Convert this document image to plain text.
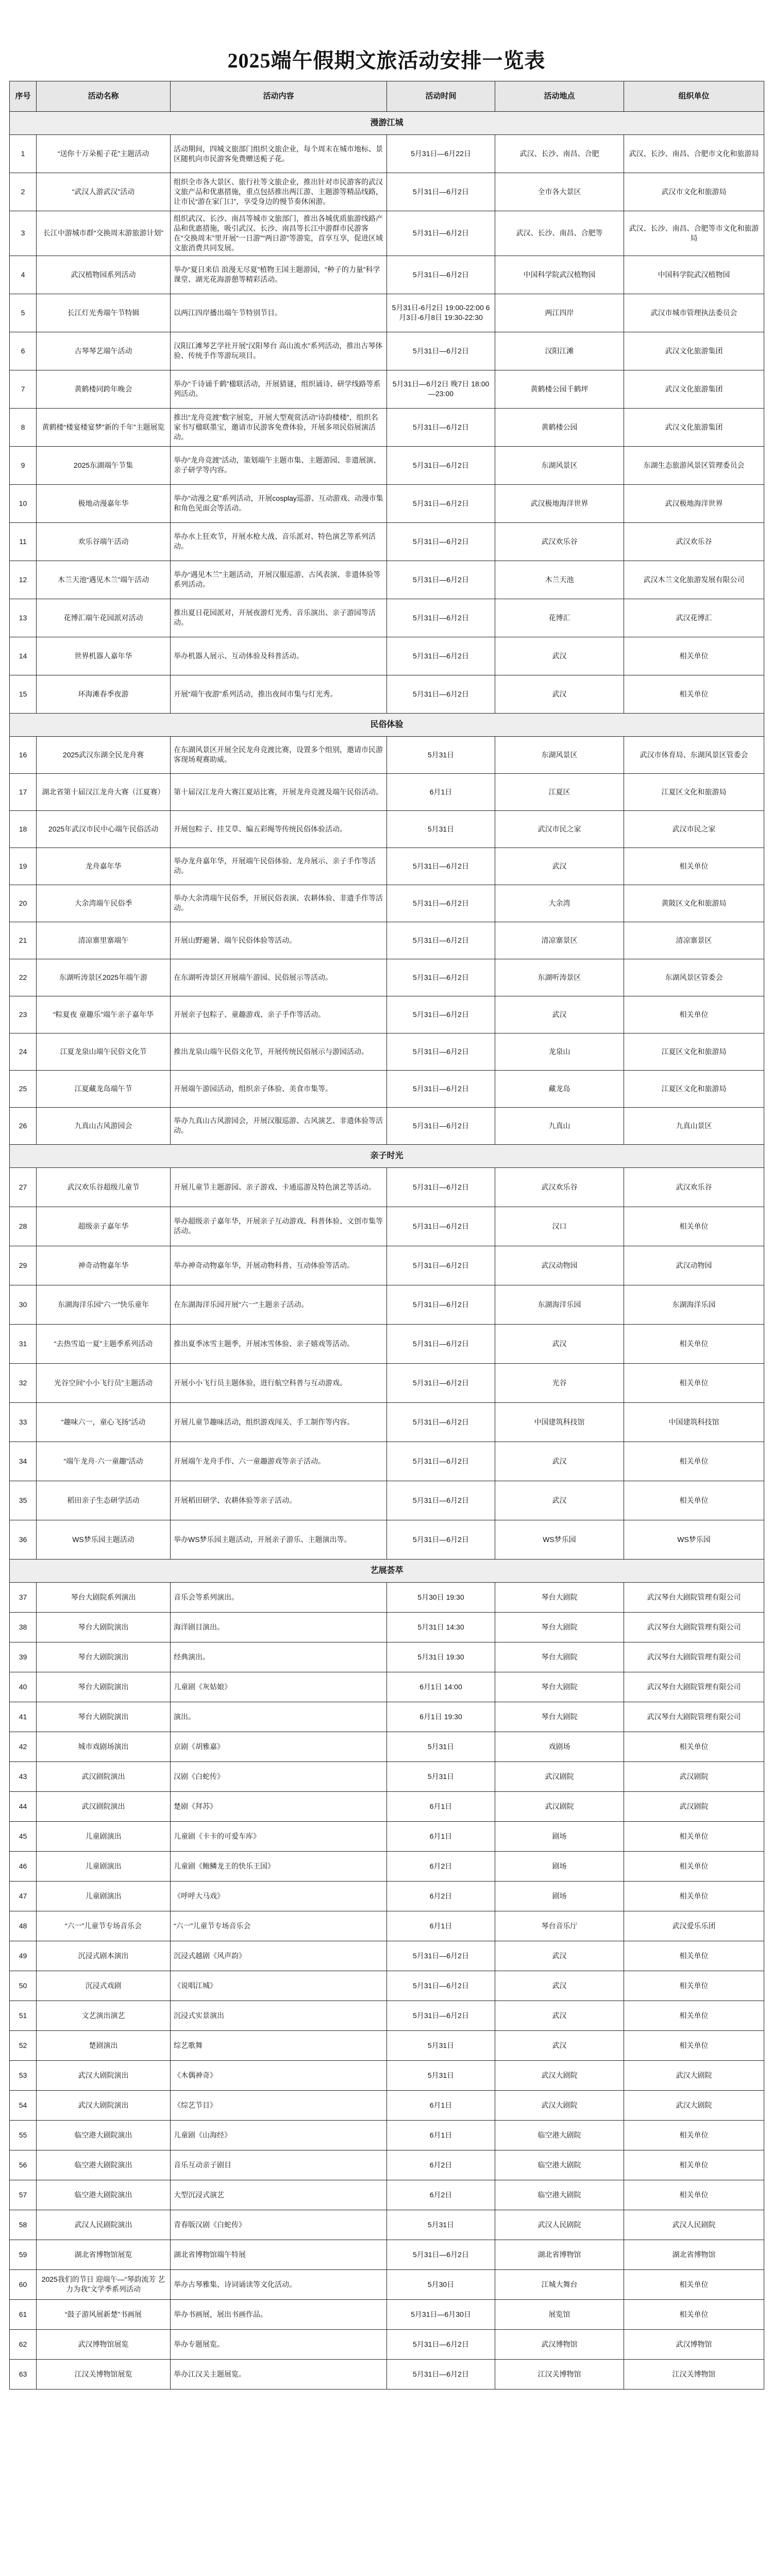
2025端午假期文旅活动安排一览表
序号	活动名称	活动内容	活动时间	活动地点	组织单位
漫游江城					
1	“送你十万朵栀子花”主题活动	活动期间，四城文旅部门组织文旅企业，每个周末在城市地标、景区随机向市民游客免费赠送栀子花。	5月31日—6月22日	武汉、长沙、南昌、合肥	武汉、长沙、南昌、合肥市文化和旅游局
2	“武汉人游武汉”活动	组织全市各大景区、旅行社等文旅企业，推出针对市民游客的武汉文旅产品和优惠措施，重点包括推出两江游、主题游等精品线路，让市民“游在家门口”，享受身边的慢节奏休闲游。	5月31日—6月2日	全市各大景区	武汉市文化和旅游局
3	长江中游城市群“交换周末游旅游计划”	组织武汉、长沙、南昌等城市文旅部门，推出各城优质旅游线路产品和优惠措施，吸引武汉、长沙、南昌等长江中游群市民游客在“交换周末”里开展“一日游”“两日游”等游览，首享互享，促进区域文旅消费共同发展。	5月31日—6月2日	武汉、长沙、南昌、合肥等	武汉、长沙、南昌、合肥等市文化和旅游局
4	武汉植物园系列活动	举办“夏日来信 浪漫无尽夏”植物王国主题游园，“种子的力量”科学课堂、湖光花海游憩等精彩活动。	5月31日—6月2日	中国科学院武汉植物园	中国科学院武汉植物园
5	长江灯光秀端午节特辑	以两江四岸播出端午节特别节目。	5月31日-6月2日 19:00-22:00 6月3日-6月8日 19:30-22:30	两江四岸	武汉市城市管理执法委员会
6	古琴琴艺端午活动	汉阳江滩琴艺学社开展“汉阳琴台 高山流水”系列活动，推出古琴体验、传统手作等游玩项目。	5月31日—6月2日	汉阳江滩	武汉文化旅游集团
7	黄鹤楼同跨年晚会	举办“千诗诵千鹤”楹联活动，开展猜谜，组织诵诗、研学线路等系列活动。	5月31日—6月2日 晚7日 18:00—23:00	黄鹤楼公园千鹤坪	武汉文化旅游集团
8	黄鹤楼“楼宴楼宴梦”新的千年”主题展览	推出“龙舟竞渡”数字展览，开展大型观赏活动“诗韵楼楼”，组织名家书写楹联墨宝，邀请市民游客免费体验，开展多项民俗展演活动。	5月31日—6月2日	黄鹤楼公园	武汉文化旅游集团
9	2025东湖端午节集	举办“龙舟竞渡”活动，策划端午主题市集、主题游园、非遗展演、亲子研学等内容。	5月31日—6月2日	东湖风景区	东湖生态旅游风景区管理委员会
10	极地动漫嘉年华	举办“动漫之夏”系列活动，开展cosplay巡游、互动游戏、动漫市集和角色见面会等活动。	5月31日—6月2日	武汉极地海洋世界	武汉极地海洋世界
11	欢乐谷端午活动	举办水上狂欢节，开展水枪大战、音乐派对、特色演艺等系列活动。	5月31日—6月2日	武汉欢乐谷	武汉欢乐谷
12	木兰天池“遇见木兰”端午活动	举办“遇见木兰”主题活动，开展汉服巡游、古风表演、非遗体验等系列活动。	5月31日—6月2日	木兰天池	武汉木兰文化旅游发展有限公司
13	花博汇端午花园派对活动	推出夏日花园派对，开展夜游灯光秀、音乐演出、亲子游园等活动。	5月31日—6月2日	花博汇	武汉花博汇
14	世界机器人嘉年华	举办机器人展示、互动体验及科普活动。	5月31日—6月2日	武汉	相关单位
15	环海滩春季夜游	开展“端午夜游”系列活动，推出夜间市集与灯光秀。	5月31日—6月2日	武汉	相关单位
民俗体验					
16	2025武汉东湖全民龙舟赛	在东湖风景区开展全民龙舟竞渡比赛，设置多个组别，邀请市民游客现场观赛助威。	5月31日	东湖风景区	武汉市体育局、东湖风景区管委会
17	湖北省第十届汉江龙舟大赛（江夏赛）	第十届汉江龙舟大赛江夏站比赛，开展龙舟竞渡及端午民俗活动。	6月1日	江夏区	江夏区文化和旅游局
18	2025年武汉市民中心端午民俗活动	开展包粽子、挂艾草、编五彩绳等传统民俗体验活动。	5月31日	武汉市民之家	武汉市民之家
19	龙舟嘉年华	举办龙舟嘉年华，开展端午民俗体验、龙舟展示、亲子手作等活动。	5月31日—6月2日	武汉	相关单位
20	大余湾端午民俗季	举办大余湾端午民俗季，开展民俗表演、农耕体验、非遗手作等活动。	5月31日—6月2日	大余湾	黄陂区文化和旅游局
21	清凉寨里寨端午	开展山野避暑、端午民俗体验等活动。	5月31日—6月2日	清凉寨景区	清凉寨景区
22	东湖听涛景区2025年端午游	在东湖听涛景区开展端午游园、民俗展示等活动。	5月31日—6月2日	东湖听涛景区	东湖风景区管委会
23	“粽夏夜 童趣乐”端午亲子嘉年华	开展亲子包粽子、童趣游戏、亲子手作等活动。	5月31日—6月2日	武汉	相关单位
24	江夏龙泉山端午民俗文化节	推出龙泉山端午民俗文化节，开展传统民俗展示与游园活动。	5月31日—6月2日	龙泉山	江夏区文化和旅游局
25	江夏藏龙岛端午节	开展端午游园活动，组织亲子体验、美食市集等。	5月31日—6月2日	藏龙岛	江夏区文化和旅游局
26	九真山古风游园会	举办九真山古风游园会，开展汉服巡游、古风演艺、非遗体验等活动。	5月31日—6月2日	九真山	九真山景区
亲子时光					
27	武汉欢乐谷超级儿童节	开展儿童节主题游园、亲子游戏、卡通巡游及特色演艺等活动。	5月31日—6月2日	武汉欢乐谷	武汉欢乐谷
28	超级亲子嘉年华	举办超级亲子嘉年华，开展亲子互动游戏、科普体验、文创市集等活动。	5月31日—6月2日	汉口	相关单位
29	神奇动物嘉年华	举办神奇动物嘉年华，开展动物科普、互动体验等活动。	5月31日—6月2日	武汉动物园	武汉动物园
30	东湖海洋乐园“六一”快乐童年	在东湖海洋乐园开展“六一”主题亲子活动。	5月31日—6月2日	东湖海洋乐园	东湖海洋乐园
31	“去热雪追一夏”主题季系列活动	推出夏季冰雪主题季，开展冰雪体验、亲子嬉戏等活动。	5月31日—6月2日	武汉	相关单位
32	光谷空间“小小飞行员”主题活动	开展小小飞行员主题体验，进行航空科普与互动游戏。	5月31日—6月2日	光谷	相关单位
33	“趣味六一，童心飞扬”活动	开展儿童节趣味活动，组织游戏闯关、手工制作等内容。	5月31日—6月2日	中国建筑科技馆	中国建筑科技馆
34	“端午龙舟·六一童趣”活动	开展端午龙舟手作、六一童趣游戏等亲子活动。	5月31日—6月2日	武汉	相关单位
35	稻田亲子生态研学活动	开展稻田研学、农耕体验等亲子活动。	5月31日—6月2日	武汉	相关单位
36	WS梦乐园主题活动	举办WS梦乐园主题活动，开展亲子游乐、主题演出等。	5月31日—6月2日	WS梦乐园	WS梦乐园
艺展荟萃					
37	琴台大剧院系列演出	音乐会等系列演出。	5月30日 19:30	琴台大剧院	武汉琴台大剧院管理有限公司
38	琴台大剧院演出	海洋剧目演出。	5月31日 14:30	琴台大剧院	武汉琴台大剧院管理有限公司
39	琴台大剧院演出	经典演出。	5月31日 19:30	琴台大剧院	武汉琴台大剧院管理有限公司
40	琴台大剧院演出	儿童剧《灰姑娘》	6月1日 14:00	琴台大剧院	武汉琴台大剧院管理有限公司
41	琴台大剧院演出	演出。	6月1日 19:30	琴台大剧院	武汉琴台大剧院管理有限公司
42	城市戏剧场演出	京剧《胡雅嘉》	5月31日	戏剧场	相关单位
43	武汉剧院演出	汉剧《白蛇传》	5月31日	武汉剧院	武汉剧院
44	武汉剧院演出	楚剧《拜苏》	6月1日	武汉剧院	武汉剧院
45	儿童剧演出	儿童剧《卡卡的可爱车库》	6月1日	剧场	相关单位
46	儿童剧演出	儿童剧《鲍鳞龙王的快乐王国》	6月2日	剧场	相关单位
47	儿童剧演出	《呼呼大马戏》	6月2日	剧场	相关单位
48	“六一”儿童节专场音乐会	“六一”儿童节专场音乐会	6月1日	琴台音乐厅	武汉爱乐乐团
49	沉浸式剧本演出	沉浸式越剧《风声韵》	5月31日—6月2日	武汉	相关单位
50	沉浸式戏剧	《说唱江城》	5月31日—6月2日	武汉	相关单位
51	文艺演出演艺	沉浸式实景演出	5月31日—6月2日	武汉	相关单位
52	楚剧演出	综艺歌舞	5月31日	武汉	相关单位
53	武汉大剧院演出	《木偶神奇》	5月31日	武汉大剧院	武汉大剧院
54	武汉大剧院演出	《综艺节目》	6月1日	武汉大剧院	武汉大剧院
55	临空港大剧院演出	儿童剧《山海经》	6月1日	临空港大剧院	相关单位
56	临空港大剧院演出	音乐互动亲子剧目	6月2日	临空港大剧院	相关单位
57	临空港大剧院演出	大型沉浸式演艺	6月2日	临空港大剧院	相关单位
58	武汉人民剧院演出	青春版汉剧《白蛇传》	5月31日	武汉人民剧院	武汉人民剧院
59	湖北省博物馆展览	湖北省博物馆端午特展	5月31日—6月2日	湖北省博物馆	湖北省博物馆
60	2025我们的节日 迎端午—“琴韵流芳 艺力为我”文学季系列活动	举办古琴雅集、诗词诵读等文化活动。	5月30日	江城大舞台	相关单位
61	“鼓子游风展新楚”书画展	举办书画展，展出书画作品。	5月31日—6月30日	展览馆	相关单位
62	武汉博物馆展览	举办专题展览。	5月31日—6月2日	武汉博物馆	武汉博物馆
63	江汉关博物馆展览	举办江汉关主题展览。	5月31日—6月2日	江汉关博物馆	江汉关博物馆
